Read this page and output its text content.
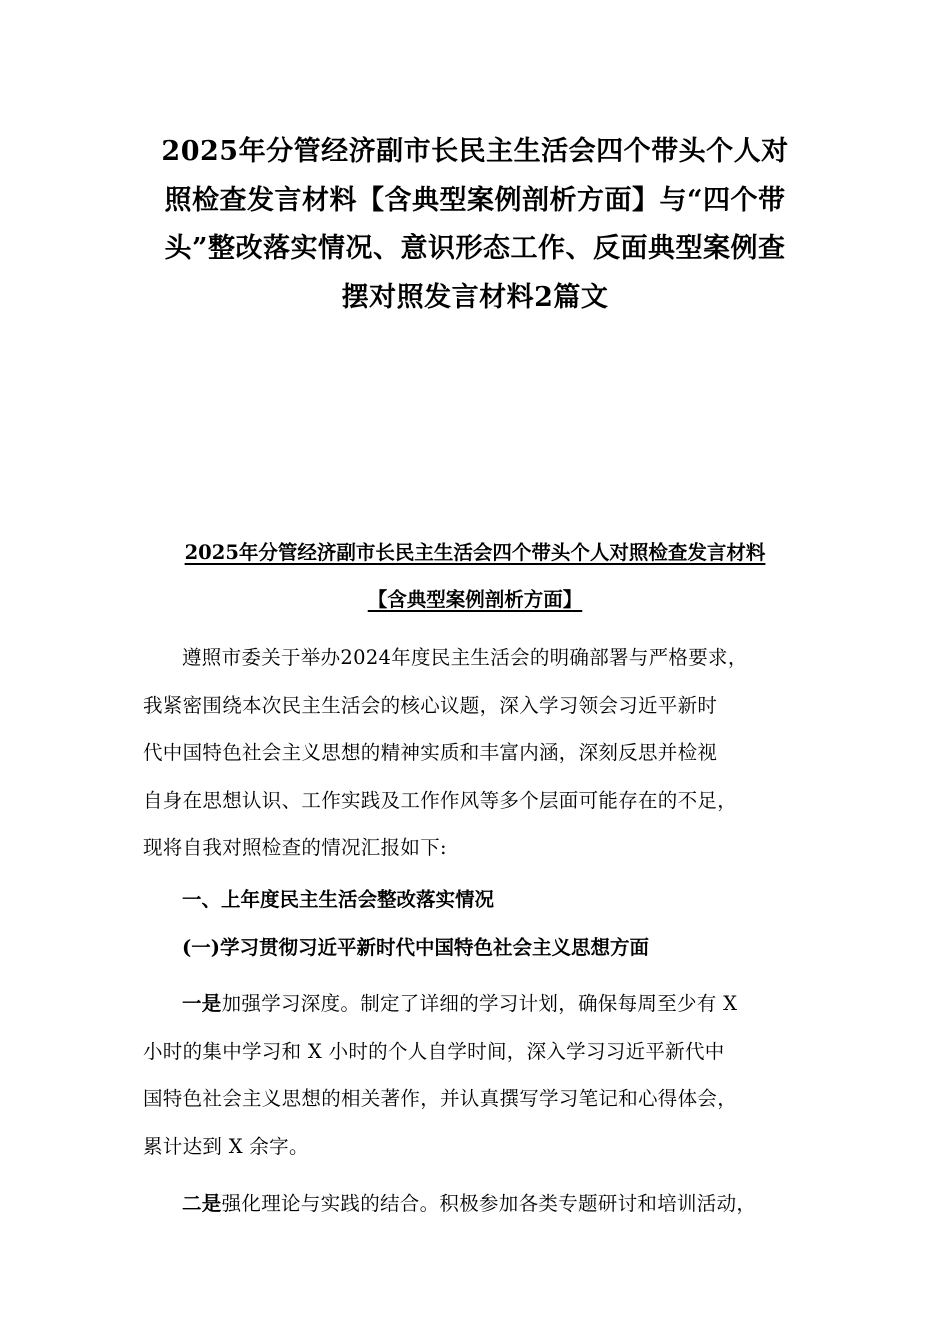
2025年分管经济副市长民主生活会四个带头个人对
照检查发言材料【含典型案例剖析方面】与“四个带
头”整改落实情况、意识形态工作、反面典型案例查
摆对照发言材料2篇文
2025年分管经济副市长民主生活会四个带头个人对照检查发言材料
【含典型案例剖析方面】
遵照市委关于举办2024年度民主生活会的明确部署与严格要求，
我紧密围绕本次民主生活会的核心议题，深入学习领会习近平新时
代中国特色社会主义思想的精神实质和丰富内涵，深刻反思并检视
自身在思想认识、工作实践及工作作风等多个层面可能存在的不足，
现将自我对照检查的情况汇报如下:
一、上年度民主生活会整改落实情况
(一)学习贯彻习近平新时代中国特色社会主义思想方面
一是加强学习深度。制定了详细的学习计划，确保每周至少有 X
小时的集中学习和 X 小时的个人自学时间，深入学习习近平新代中
国特色社会主义思想的相关著作，并认真撰写学习笔记和心得体会，
累计达到 X 余字。
二是强化理论与实践的结合。积极参加各类专题研讨和培训活动，
